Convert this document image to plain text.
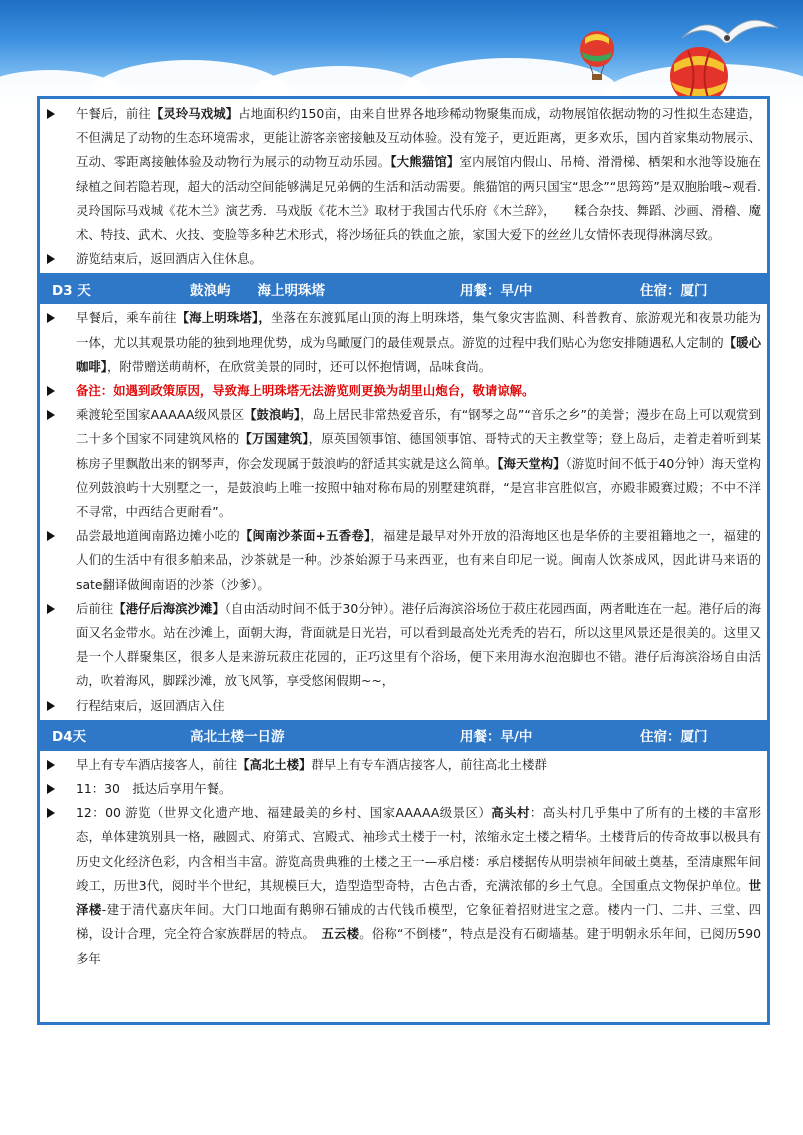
午餐后，前往【灵玲马戏城】占地面积约150亩，由来自世界各地珍稀动物聚集而成，动物展馆依据动物的习性拟生态建造，不但满足了动物的生态环境需求，更能让游客亲密接触及互动体验。没有笼子，更近距离，更多欢乐，国内首家集动物展示、互动、零距离接触体验及动物行为展示的动物互动乐园。【大熊猫馆】室内展馆内假山、吊椅、滑滑梯、栖架和水池等设施在绿植之间若隐若现，超大的活动空间能够满足兄弟俩的生活和活动需要。熊猫馆的两只国宝“思念”“思筠筠”是双胞胎哦~观看.灵玲国际马戏城《花木兰》演艺秀．马戏版《花木兰》取材于我国古代乐府《木兰辞》，　　糅合杂技、舞蹈、沙画、滑稽、魔术、特技、武术、火技、变脸等多种艺术形式，将沙场征兵的铁血之旅，家国大爱下的丝丝儿女情怀表现得淋漓尽致。
游览结束后，返回酒店入住休息。
D3 天	鼓浪屿　　海上明珠塔	用餐：早/中	住宿：厦门
早餐后，乘车前往【海上明珠塔】，坐落在东渡狐尾山顶的海上明珠塔，集气象灾害监测、科普教育、旅游观光和夜景功能为一体，尤以其观景功能的独到地理优势，成为鸟瞰厦门的最佳观景点。游览的过程中我们贴心为您安排随遇私人定制的【暖心咖啡】，附带赠送萌萌杯，在欣赏美景的同时，还可以怀抱情调，品味食尚。
备注：如遇到政策原因，导致海上明珠塔无法游览则更换为胡里山炮台，敬请谅解。
乘渡轮至国家AAAAA级风景区【鼓浪屿】，岛上居民非常热爱音乐，有“钢琴之岛”“音乐之乡”的美誉；漫步在岛上可以观赏到二十多个国家不同建筑风格的【万国建筑】，原英国领事馆、德国领事馆、哥特式的天主教堂等；登上岛后，走着走着听到某栋房子里飘散出来的钢琴声，你会发现属于鼓浪屿的舒适其实就是这么简单。【海天堂构】（游览时间不低于40分钟）海天堂构位列鼓浪屿十大别墅之一，是鼓浪屿上唯一按照中轴对称布局的别墅建筑群，“是宫非宫胜似宫，亦殿非殿赛过殿；不中不洋不寻常，中西结合更耐看”。
品尝最地道闽南路边摊小吃的【闽南沙茶面+五香卷】，福建是最早对外开放的沿海地区也是华侨的主要祖籍地之一，福建的人们的生活中有很多舶来品，沙茶就是一种。沙茶始源于马来西亚，也有来自印尼一说。闽南人饮茶成风，因此讲马来语的sate翻译做闽南语的沙茶（沙爹）。
后前往【港仔后海滨沙滩】（自由活动时间不低于30分钟）。港仔后海滨浴场位于菽庄花园西面，两者毗连在一起。港仔后的海面又名金带水。站在沙滩上，面朝大海，背面就是日光岩，可以看到最高处光秃秃的岩石，所以这里风景还是很美的。这里又是一个人群聚集区，很多人是来游玩菽庄花园的，正巧这里有个浴场，便下来用海水泡泡脚也不错。港仔后海滨浴场自由活动，吹着海风，脚踩沙滩，放飞风筝，享受悠闲假期~~，
行程结束后，返回酒店入住
D4天	高北土楼一日游	用餐：早/中	住宿：厦门
早上有专车酒店接客人，前往【高北土楼】群早上有专车酒店接客人，前往高北土楼群
11：30　抵达后享用午餐。
12：00 游览（世界文化遗产地、福建最美的乡村、国家AAAAA级景区）高头村：高头村几乎集中了所有的土楼的丰富形态，单体建筑别具一格，融圆式、府第式、宫殿式、袖珍式土楼于一村，浓缩永定土楼之精华。土楼背后的传奇故事以极具有历史文化经济色彩，内含相当丰富。游览高贵典雅的土楼之王一—承启楼：承启楼据传从明崇祯年间破土奠基，至清康熙年间竣工，历世3代，阅时半个世纪，其规模巨大，造型造型奇特，古色古香，充满浓郁的乡土气息。全国重点文物保护单位。世泽楼-建于清代嘉庆年间。大门口地面有鹅卵石铺成的古代钱币模型，它象征着招财进宝之意。楼内一门、二井、三堂、四梯，设计合理，完全符合家族群居的特点。　五云楼。俗称“不倒楼”，特点是没有石砌墙基。建于明朝永乐年间，已阅历590多年
